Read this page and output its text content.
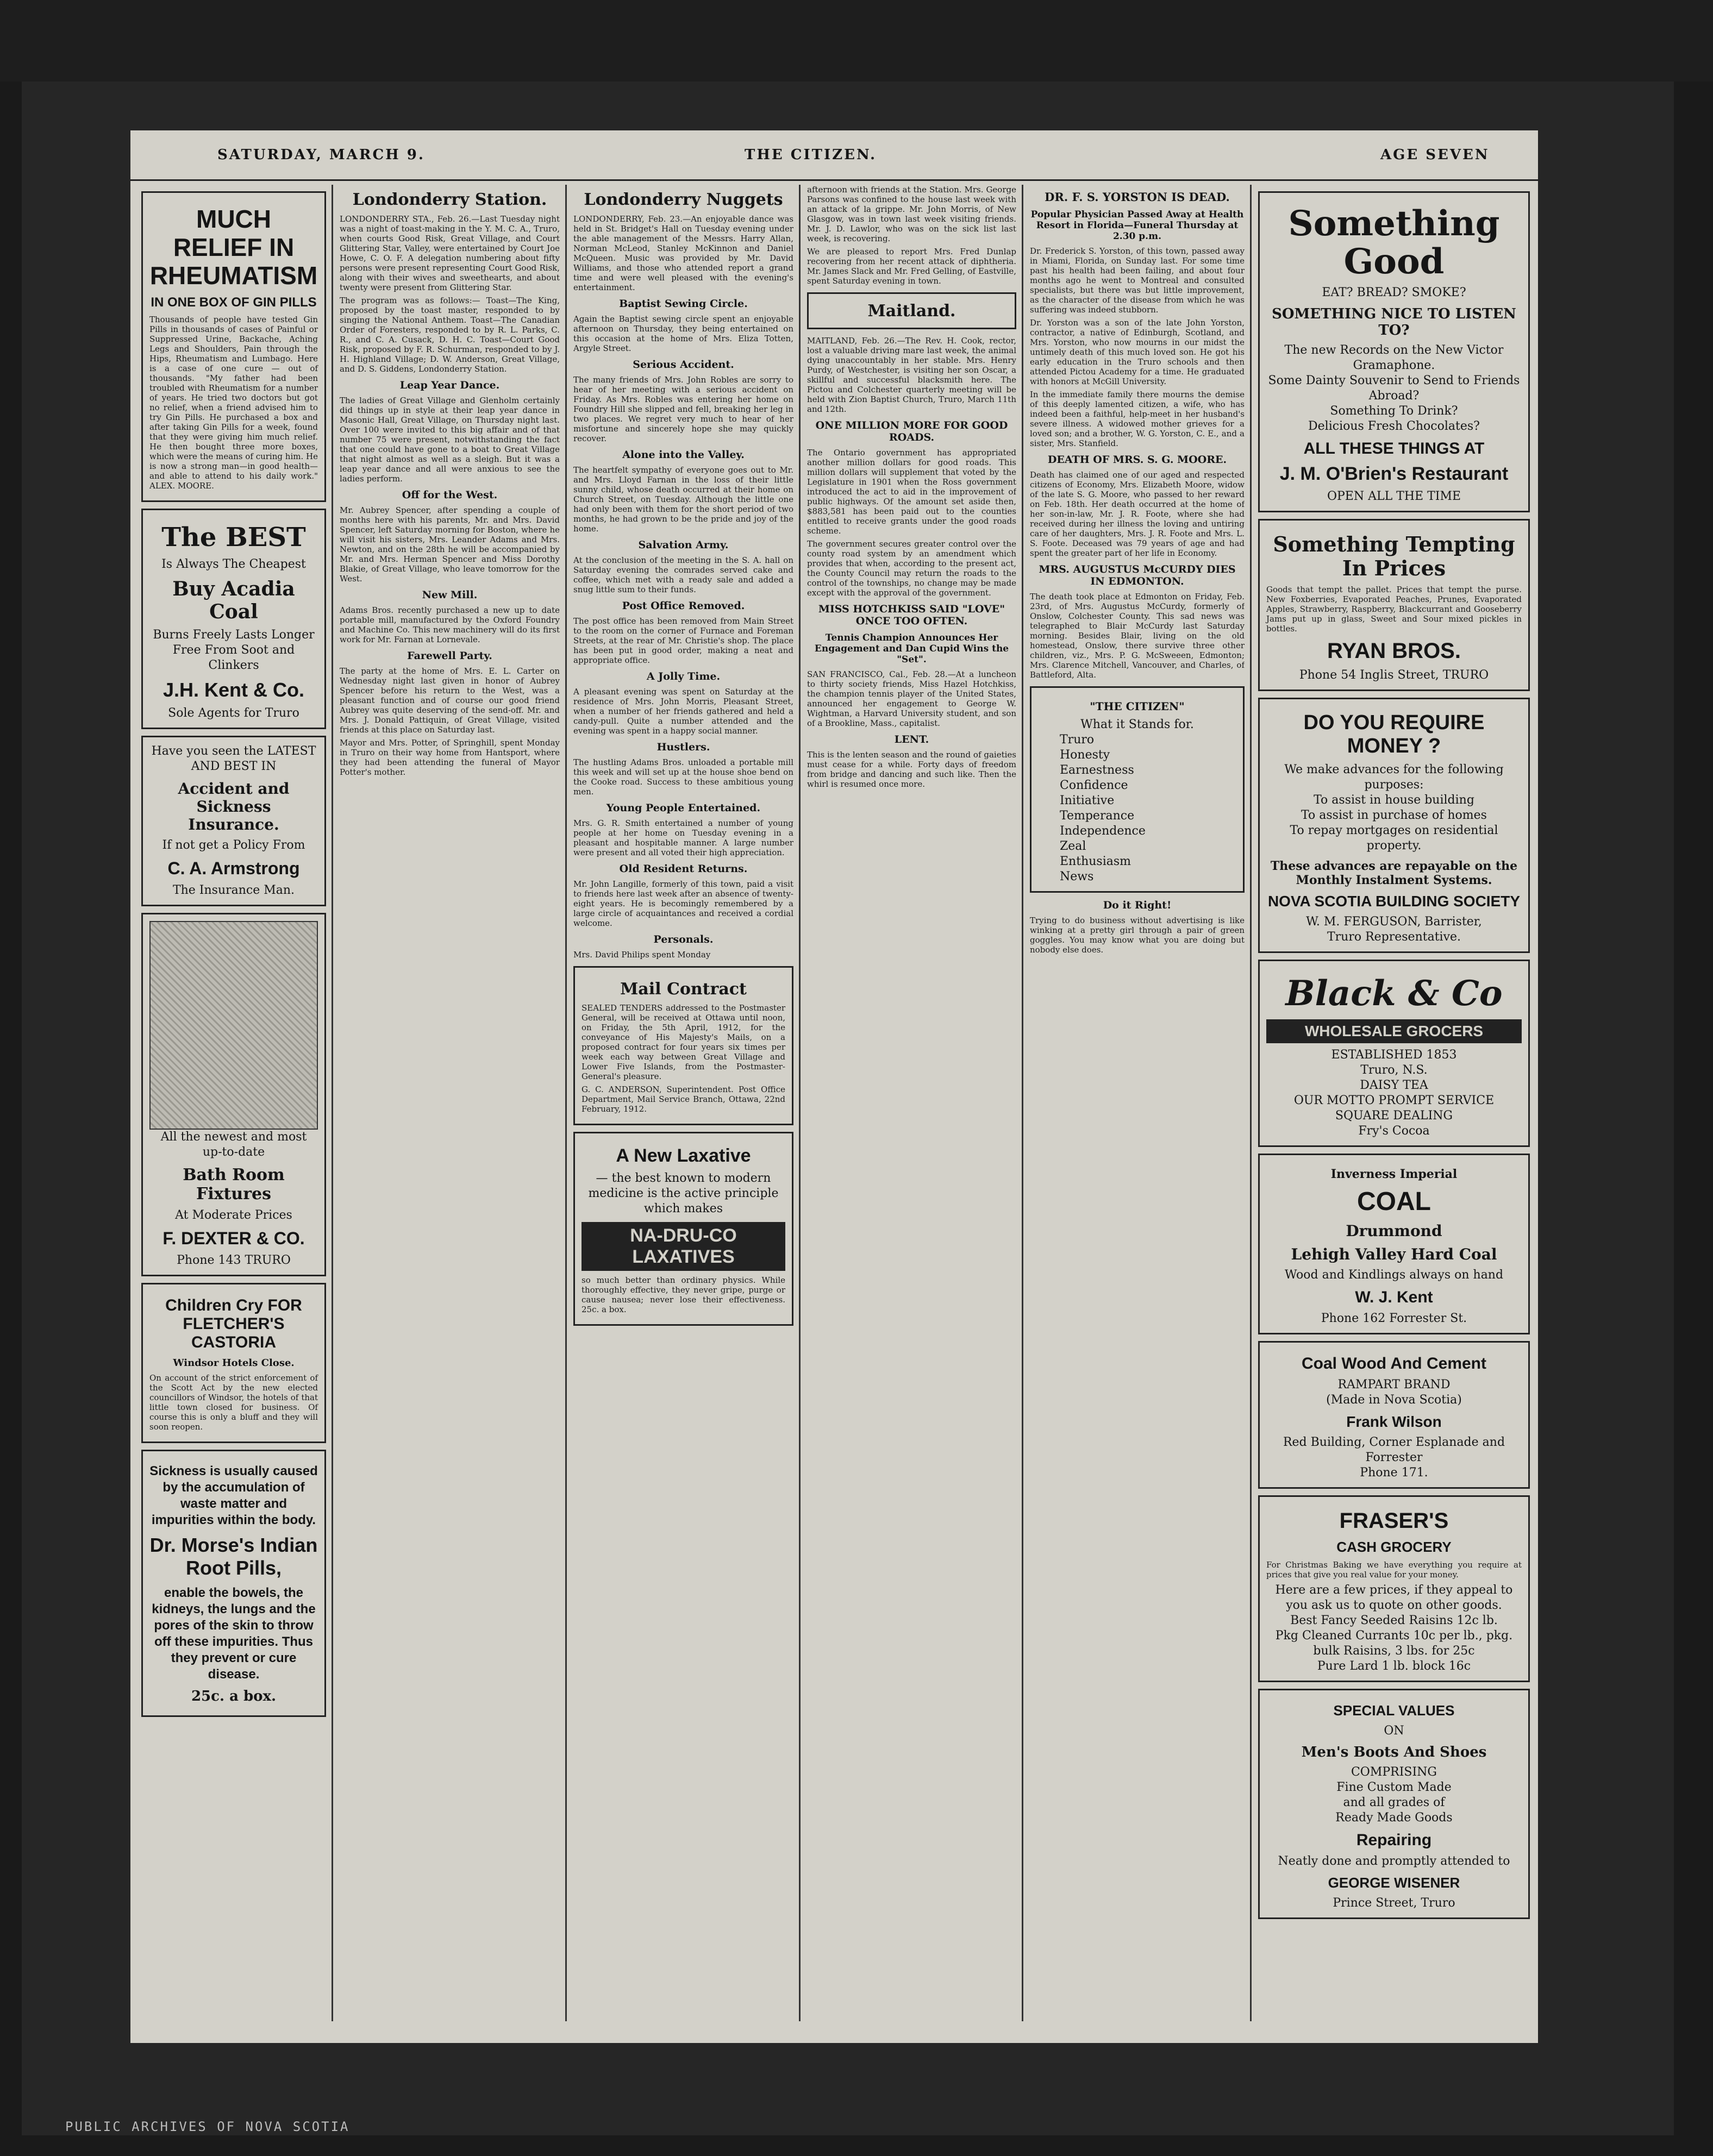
SATURDAY, MARCH 9.	THE CITIZEN.	AGE SEVEN
MUCH RELIEF IN RHEUMATISM
IN ONE BOX OF GIN PILLS

Thousands of people have tested Gin Pills in thousands of cases of Painful or Suppressed Urine, Backache, Aching Legs and Shoulders, Pain through the Hips, Rheumatism and Lumbago. Here is a case of one cure — out of thousands. "My father had been troubled with Rheumatism for a number of years. He tried two doctors but got no relief, when a friend advised him to try Gin Pills. He purchased a box and after taking Gin Pills for a week, found that they were giving him much relief. He then bought three more boxes, which were the means of curing him. He is now a strong man—in good health—and able to attend to his daily work." ALEX. MOORE.

The BEST
Is Always The Cheapest
Buy Acadia Coal
Burns Freely Lasts Longer
Free From Soot and Clinkers
J.H. Kent & Co.
Sole Agents for Truro
Have you seen the LATEST AND BEST IN
Accident and Sickness Insurance.
If not get a Policy From
C. A. Armstrong
The Insurance Man.
All the newest and most up-to-date
Bath Room Fixtures
At Moderate Prices
F. DEXTER & CO.
Phone 143 TRURO
Children Cry FOR FLETCHER'S CASTORIA
Windsor Hotels Close.

On account of the strict enforcement of the Scott Act by the new elected councillors of Windsor, the hotels of that little town closed for business. Of course this is only a bluff and they will soon reopen.

Sickness is usually caused by the accumulation of waste matter and impurities within the body.
Dr. Morse's Indian Root Pills,
enable the bowels, the kidneys, the lungs and the pores of the skin to throw off these impurities. Thus they prevent or cure disease.
25c. a box.
Londonderry Station.

LONDONDERRY STA., Feb. 26.—Last Tuesday night was a night of toast-making in the Y. M. C. A., Truro, when courts Good Risk, Great Village, and Court Glittering Star, Valley, were entertained by Court Joe Howe, C. O. F. A delegation numbering about fifty persons were present representing Court Good Risk, along with their wives and sweethearts, and about twenty were present from Glittering Star.

The program was as follows:— Toast—The King, proposed by the toast master, responded to by singing the National Anthem. Toast—The Canadian Order of Foresters, responded to by R. L. Parks, C. R., and C. A. Cusack, D. H. C. Toast—Court Good Risk, proposed by F. R. Schurman, responded to by J. H. Highland Village; D. W. Anderson, Great Village, and D. S. Giddens, Londonderry Station.

Leap Year Dance.

The ladies of Great Village and Glenholm certainly did things up in style at their leap year dance in Masonic Hall, Great Village, on Thursday night last. Over 100 were invited to this big affair and of that number 75 were present, notwithstanding the fact that one could have gone to a boat to Great Village that night almost as well as a sleigh. But it was a leap year dance and all were anxious to see the ladies perform.

Off for the West.

Mr. Aubrey Spencer, after spending a couple of months here with his parents, Mr. and Mrs. David Spencer, left Saturday morning for Boston, where he will visit his sisters, Mrs. Leander Adams and Mrs. Newton, and on the 28th he will be accompanied by Mr. and Mrs. Herman Spencer and Miss Dorothy Blakie, of Great Village, who leave tomorrow for the West.

New Mill.

Adams Bros. recently purchased a new up to date portable mill, manufactured by the Oxford Foundry and Machine Co. This new machinery will do its first work for Mr. Farnan at Lornevale.

Farewell Party.

The party at the home of Mrs. E. L. Carter on Wednesday night last given in honor of Aubrey Spencer before his return to the West, was a pleasant function and of course our good friend Aubrey was quite deserving of the send-off. Mr. and Mrs. J. Donald Pattiquin, of Great Village, visited friends at this place on Saturday last.

Mayor and Mrs. Potter, of Springhill, spent Monday in Truro on their way home from Hantsport, where they had been attending the funeral of Mayor Potter's mother.

Londonderry Nuggets

LONDONDERRY, Feb. 23.—An enjoyable dance was held in St. Bridget's Hall on Tuesday evening under the able management of the Messrs. Harry Allan, Norman McLeod, Stanley McKinnon and Daniel McQueen. Music was provided by Mr. David Williams, and those who attended report a grand time and were well pleased with the evening's entertainment.

Baptist Sewing Circle.

Again the Baptist sewing circle spent an enjoyable afternoon on Thursday, they being entertained on this occasion at the home of Mrs. Eliza Totten, Argyle Street.

Serious Accident.

The many friends of Mrs. John Robles are sorry to hear of her meeting with a serious accident on Friday. As Mrs. Robles was entering her home on Foundry Hill she slipped and fell, breaking her leg in two places. We regret very much to hear of her misfortune and sincerely hope she may quickly recover.

Alone into the Valley.

The heartfelt sympathy of everyone goes out to Mr. and Mrs. Lloyd Farnan in the loss of their little sunny child, whose death occurred at their home on Church Street, on Tuesday. Although the little one had only been with them for the short period of two months, he had grown to be the pride and joy of the home.

Salvation Army.

At the conclusion of the meeting in the S. A. hall on Saturday evening the comrades served cake and coffee, which met with a ready sale and added a snug little sum to their funds.

Post Office Removed.

The post office has been removed from Main Street to the room on the corner of Furnace and Foreman Streets, at the rear of Mr. Christie's shop. The place has been put in good order, making a neat and appropriate office.

A Jolly Time.

A pleasant evening was spent on Saturday at the residence of Mrs. John Morris, Pleasant Street, when a number of her friends gathered and held a candy-pull. Quite a number attended and the evening was spent in a happy social manner.

Hustlers.

The hustling Adams Bros. unloaded a portable mill this week and will set up at the house shoe bend on the Cooke road. Success to these ambitious young men.

Young People Entertained.

Mrs. G. R. Smith entertained a number of young people at her home on Tuesday evening in a pleasant and hospitable manner. A large number were present and all voted their high appreciation.

Old Resident Returns.

Mr. John Langille, formerly of this town, paid a visit to friends here last week after an absence of twenty-eight years. He is becomingly remembered by a large circle of acquaintances and received a cordial welcome.

Personals.

Mrs. David Philips spent Monday

Mail Contract

SEALED TENDERS addressed to the Postmaster General, will be received at Ottawa until noon, on Friday, the 5th April, 1912, for the conveyance of His Majesty's Mails, on a proposed contract for four years six times per week each way between Great Village and Lower Five Islands, from the Postmaster-General's pleasure.

G. C. ANDERSON, Superintendent. Post Office Department, Mail Service Branch, Ottawa, 22nd February, 1912.

A New Laxative
— the best known to modern medicine is the active principle which makes
NA-DRU-CO LAXATIVES

so much better than ordinary physics. While thoroughly effective, they never gripe, purge or cause nausea; never lose their effectiveness. 25c. a box.

afternoon with friends at the Station. Mrs. George Parsons was confined to the house last week with an attack of la grippe. Mr. John Morris, of New Glasgow, was in town last week visiting friends. Mr. J. D. Lawlor, who was on the sick list last week, is recovering.

We are pleased to report Mrs. Fred Dunlap recovering from her recent attack of diphtheria. Mr. James Slack and Mr. Fred Gelling, of Eastville, spent Saturday evening in town.

Maitland.

MAITLAND, Feb. 26.—The Rev. H. Cook, rector, lost a valuable driving mare last week, the animal dying unaccountably in her stable. Mrs. Henry Purdy, of Westchester, is visiting her son Oscar, a skillful and successful blacksmith here. The Pictou and Colchester quarterly meeting will be held with Zion Baptist Church, Truro, March 11th and 12th.

ONE MILLION MORE FOR GOOD ROADS.

The Ontario government has appropriated another million dollars for good roads. This million dollars will supplement that voted by the Legislature in 1901 when the Ross government introduced the act to aid in the improvement of public highways. Of the amount set aside then, $883,581 has been paid out to the counties entitled to receive grants under the good roads scheme.

The government secures greater control over the county road system by an amendment which provides that when, according to the present act, the County Council may return the roads to the control of the townships, no change may be made except with the approval of the government.

MISS HOTCHKISS SAID "LOVE" ONCE TOO OFTEN.
Tennis Champion Announces Her Engagement and Dan Cupid Wins the "Set".

SAN FRANCISCO, Cal., Feb. 28.—At a luncheon to thirty society friends, Miss Hazel Hotchkiss, the champion tennis player of the United States, announced her engagement to George W. Wightman, a Harvard University student, and son of a Brookline, Mass., capitalist.

LENT.

This is the lenten season and the round of gaieties must cease for a while. Forty days of freedom from bridge and dancing and such like. Then the whirl is resumed once more.

DR. F. S. YORSTON IS DEAD.
Popular Physician Passed Away at Health Resort in Florida—Funeral Thursday at 2.30 p.m.

Dr. Frederick S. Yorston, of this town, passed away in Miami, Florida, on Sunday last. For some time past his health had been failing, and about four months ago he went to Montreal and consulted specialists, but there was but little improvement, as the character of the disease from which he was suffering was indeed stubborn.

Dr. Yorston was a son of the late John Yorston, contractor, a native of Edinburgh, Scotland, and Mrs. Yorston, who now mourns in our midst the untimely death of this much loved son. He got his early education in the Truro schools and then attended Pictou Academy for a time. He graduated with honors at McGill University.

In the immediate family there mourns the demise of this deeply lamented citizen, a wife, who has indeed been a faithful, help-meet in her husband's severe illness. A widowed mother grieves for a loved son; and a brother, W. G. Yorston, C. E., and a sister, Mrs. Stanfield.

DEATH OF MRS. S. G. MOORE.

Death has claimed one of our aged and respected citizens of Economy, Mrs. Elizabeth Moore, widow of the late S. G. Moore, who passed to her reward on Feb. 18th. Her death occurred at the home of her son-in-law, Mr. J. R. Foote, where she had received during her illness the loving and untiring care of her daughters, Mrs. J. R. Foote and Mrs. L. S. Foote. Deceased was 79 years of age and had spent the greater part of her life in Economy.

MRS. AUGUSTUS McCURDY DIES IN EDMONTON.

The death took place at Edmonton on Friday, Feb. 23rd, of Mrs. Augustus McCurdy, formerly of Onslow, Colchester County. This sad news was telegraphed to Blair McCurdy last Saturday morning. Besides Blair, living on the old homestead, Onslow, there survive three other children, viz., Mrs. P. G. McSweeen, Edmonton; Mrs. Clarence Mitchell, Vancouver, and Charles, of Battleford, Alta.

"THE CITIZEN"
What it Stands for.
Truro
Honesty
Earnestness
Confidence
Initiative
Temperance
Independence
Zeal
Enthusiasm
News
Do it Right!

Trying to do business without advertising is like winking at a pretty girl through a pair of green goggles. You may know what you are doing but nobody else does.

Something Good
EAT? BREAD? SMOKE?
SOMETHING NICE TO LISTEN TO?
The new Records on the New Victor Gramaphone.
Some Dainty Souvenir to Send to Friends Abroad?
Something To Drink?
Delicious Fresh Chocolates?
ALL THESE THINGS AT
J. M. O'Brien's Restaurant
OPEN ALL THE TIME
Something Tempting In Prices

Goods that tempt the pallet. Prices that tempt the purse. New Foxberries, Evaporated Peaches, Prunes, Evaporated Apples, Strawberry, Raspberry, Blackcurrant and Gooseberry Jams put up in glass, Sweet and Sour mixed pickles in bottles.

RYAN BROS.
Phone 54 Inglis Street, TRURO
DO YOU REQUIRE MONEY ?
We make advances for the following purposes:
To assist in house building
To assist in purchase of homes
To repay mortgages on residential property.
These advances are repayable on the Monthly Instalment Systems.
NOVA SCOTIA BUILDING SOCIETY
W. M. FERGUSON, Barrister,
Truro Representative.
Black & Co
WHOLESALE GROCERS
ESTABLISHED 1853
Truro, N.S.
DAISY TEA
OUR MOTTO PROMPT SERVICE SQUARE DEALING
Fry's Cocoa
Inverness Imperial
COAL
Drummond
Lehigh Valley Hard Coal
Wood and Kindlings always on hand
W. J. Kent
Phone 162 Forrester St.
Coal Wood And Cement
RAMPART BRAND
(Made in Nova Scotia)
Frank Wilson
Red Building, Corner Esplanade and Forrester
Phone 171.
FRASER'S
CASH GROCERY

For Christmas Baking we have everything you require at prices that give you real value for your money.

Here are a few prices, if they appeal to you ask us to quote on other goods.
Best Fancy Seeded Raisins 12c lb.
Pkg Cleaned Currants 10c per lb., pkg. bulk Raisins, 3 lbs. for 25c
Pure Lard 1 lb. block 16c
SPECIAL VALUES
ON
Men's Boots And Shoes
COMPRISING
Fine Custom Made
and all grades of
Ready Made Goods
Repairing
Neatly done and promptly attended to
GEORGE WISENER
Prince Street, Truro
PUBLIC ARCHIVES OF NOVA SCOTIA
